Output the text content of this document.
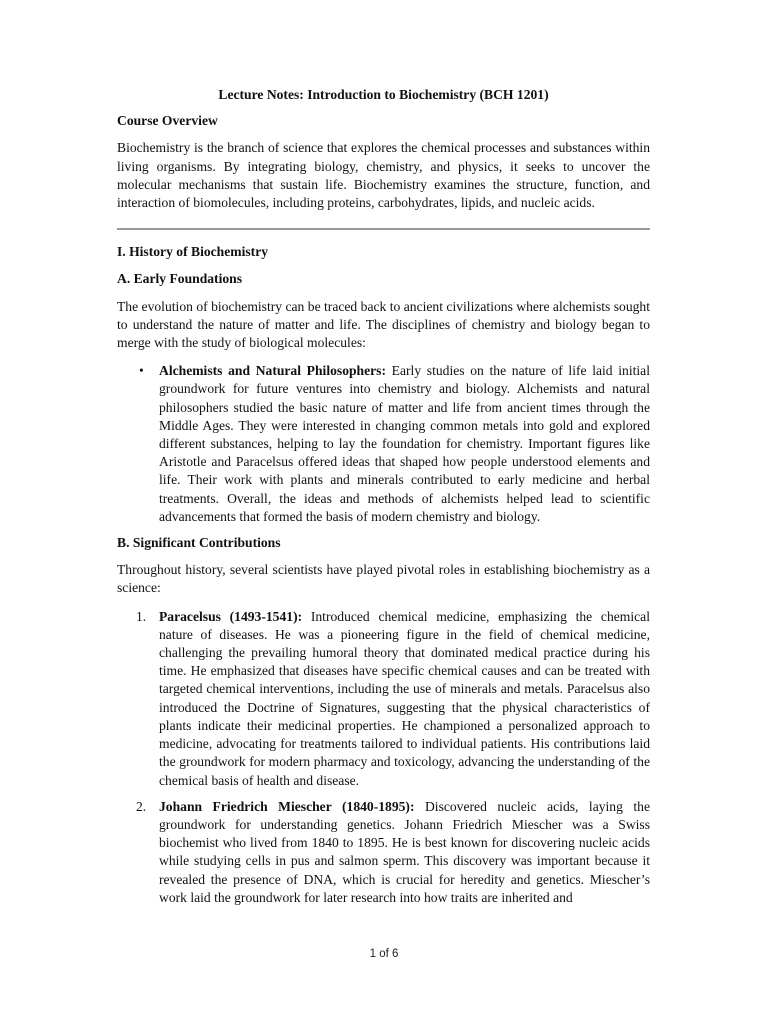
Lecture Notes: Introduction to Biochemistry (BCH 1201)
Course Overview

Biochemistry is the branch of science that explores the chemical processes and substances within living organisms. By integrating biology, chemistry, and physics, it seeks to uncover the molecular mechanisms that sustain life. Biochemistry examines the structure, function, and interaction of biomolecules, including proteins, carbohydrates, lipids, and nucleic acids.

I. History of Biochemistry
A. Early Foundations

The evolution of biochemistry can be traced back to ancient civilizations where alchemists sought to understand the nature of matter and life. The disciplines of chemistry and biology began to merge with the study of biological molecules:

• Alchemists and Natural Philosophers: Early studies on the nature of life laid initial groundwork for future ventures into chemistry and biology. Alchemists and natural philosophers studied the basic nature of matter and life from ancient times through the Middle Ages. They were interested in changing common metals into gold and explored different substances, helping to lay the foundation for chemistry. Important figures like Aristotle and Paracelsus offered ideas that shaped how people understood elements and life. Their work with plants and minerals contributed to early medicine and herbal treatments. Overall, the ideas and methods of alchemists helped lead to scientific advancements that formed the basis of modern chemistry and biology.
B. Significant Contributions

Throughout history, several scientists have played pivotal roles in establishing biochemistry as a science:

1. Paracelsus (1493-1541): Introduced chemical medicine, emphasizing the chemical nature of diseases. He was a pioneering figure in the field of chemical medicine, challenging the prevailing humoral theory that dominated medical practice during his time. He emphasized that diseases have specific chemical causes and can be treated with targeted chemical interventions, including the use of minerals and metals. Paracelsus also introduced the Doctrine of Signatures, suggesting that the physical characteristics of plants indicate their medicinal properties. He championed a personalized approach to medicine, advocating for treatments tailored to individual patients. His contributions laid the groundwork for modern pharmacy and toxicology, advancing the understanding of the chemical basis of health and disease.
2. Johann Friedrich Miescher (1840-1895): Discovered nucleic acids, laying the groundwork for understanding genetics. Johann Friedrich Miescher was a Swiss biochemist who lived from 1840 to 1895. He is best known for discovering nucleic acids while studying cells in pus and salmon sperm. This discovery was important because it revealed the presence of DNA, which is crucial for heredity and genetics. Miescher’s work laid the groundwork for later research into how traits are inherited and
1 of 6
